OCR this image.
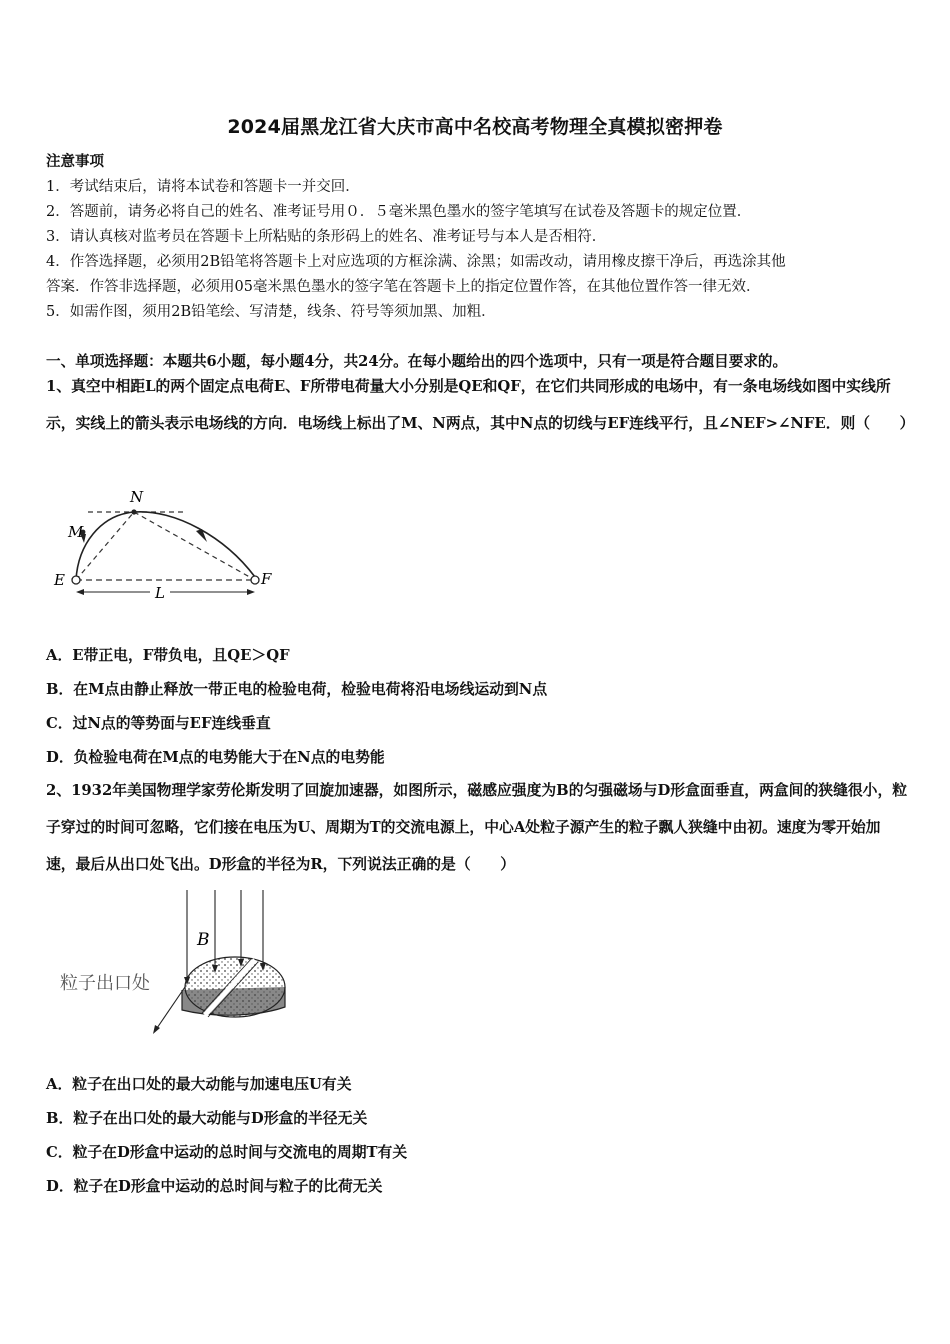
2024届黑龙江省大庆市高中名校高考物理全真模拟密押卷
注意事项
1．考试结束后，请将本试卷和答题卡一并交回．
2．答题前，请务必将自己的姓名、准考证号用０．５毫米黑色墨水的签字笔填写在试卷及答题卡的规定位置．
3．请认真核对监考员在答题卡上所粘贴的条形码上的姓名、准考证号与本人是否相符．
4．作答选择题，必须用2B铅笔将答题卡上对应选项的方框涂满、涂黑；如需改动，请用橡皮擦干净后，再选涂其他
答案．作答非选择题，必须用05毫米黑色墨水的签字笔在答题卡上的指定位置作答，在其他位置作答一律无效．
5．如需作图，须用2B铅笔绘、写清楚，线条、符号等须加黑、加粗．
一、单项选择题：本题共6小题，每小题4分，共24分。在每小题给出的四个选项中，只有一项是符合题目要求的。
1、真空中相距L的两个固定点电荷E、F所带电荷量大小分别是QE和QF，在它们共同形成的电场中，有一条电场线如图中实线所示，实线上的箭头表示电场线的方向．电场线上标出了M、N两点，其中N点的切线与EF连线平行，且∠NEF>∠NFE．则（　　）
N
M
E	F
L
A．E带正电，F带负电，且QE＞QF
B．在M点由静止释放一带正电的检验电荷，检验电荷将沿电场线运动到N点
C．过N点的等势面与EF连线垂直
D．负检验电荷在M点的电势能大于在N点的电势能
2、1932年美国物理学家劳伦斯发明了回旋加速器，如图所示，磁感应强度为B的匀强磁场与D形盒面垂直，两盒间的狭缝很小，粒子穿过的时间可忽略，它们接在电压为U、周期为T的交流电源上，中心A处粒子源产生的粒子飘人狭缝中由初。速度为零开始加速，最后从出口处飞出。D形盒的半径为R，下列说法正确的是（　　）
B
粒子出口处
A．粒子在出口处的最大动能与加速电压U有关
B．粒子在出口处的最大动能与D形盒的半径无关
C．粒子在D形盒中运动的总时间与交流电的周期T有关
D．粒子在D形盒中运动的总时间与粒子的比荷无关
